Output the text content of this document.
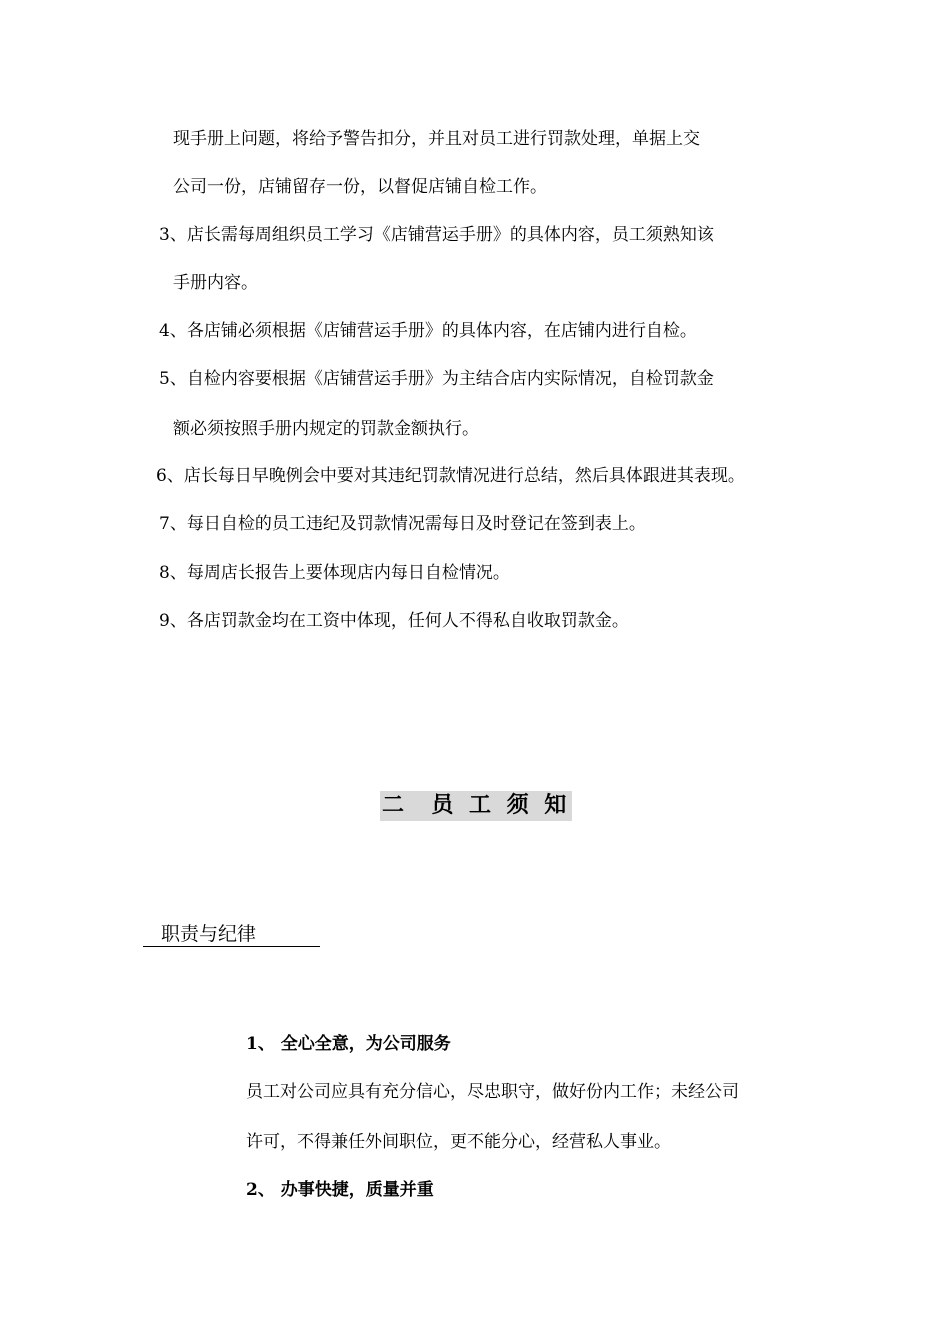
现手册上问题，将给予警告扣分，并且对员工进行罚款处理，单据上交
公司一份，店铺留存一份，以督促店铺自检工作。
3、店长需每周组织员工学习《店铺营运手册》的具体内容，员工须熟知该
手册内容。
4、各店铺必须根据《店铺营运手册》的具体内容，在店铺内进行自检。
5、自检内容要根据《店铺营运手册》为主结合店内实际情况，自检罚款金
额必须按照手册内规定的罚款金额执行。
6、店长每日早晚例会中要对其违纪罚款情况进行总结，然后具体跟进其表现。
7、每日自检的员工违纪及罚款情况需每日及时登记在签到表上。
8、每周店长报告上要体现店内每日自检情况。
9、各店罚款金均在工资中体现，任何人不得私自收取罚款金。
二  员 工 须 知
职责与纪律
1、 全心全意，为公司服务
员工对公司应具有充分信心，尽忠职守，做好份内工作；未经公司
许可，不得兼任外间职位，更不能分心，经营私人事业。
2、 办事快捷，质量并重
